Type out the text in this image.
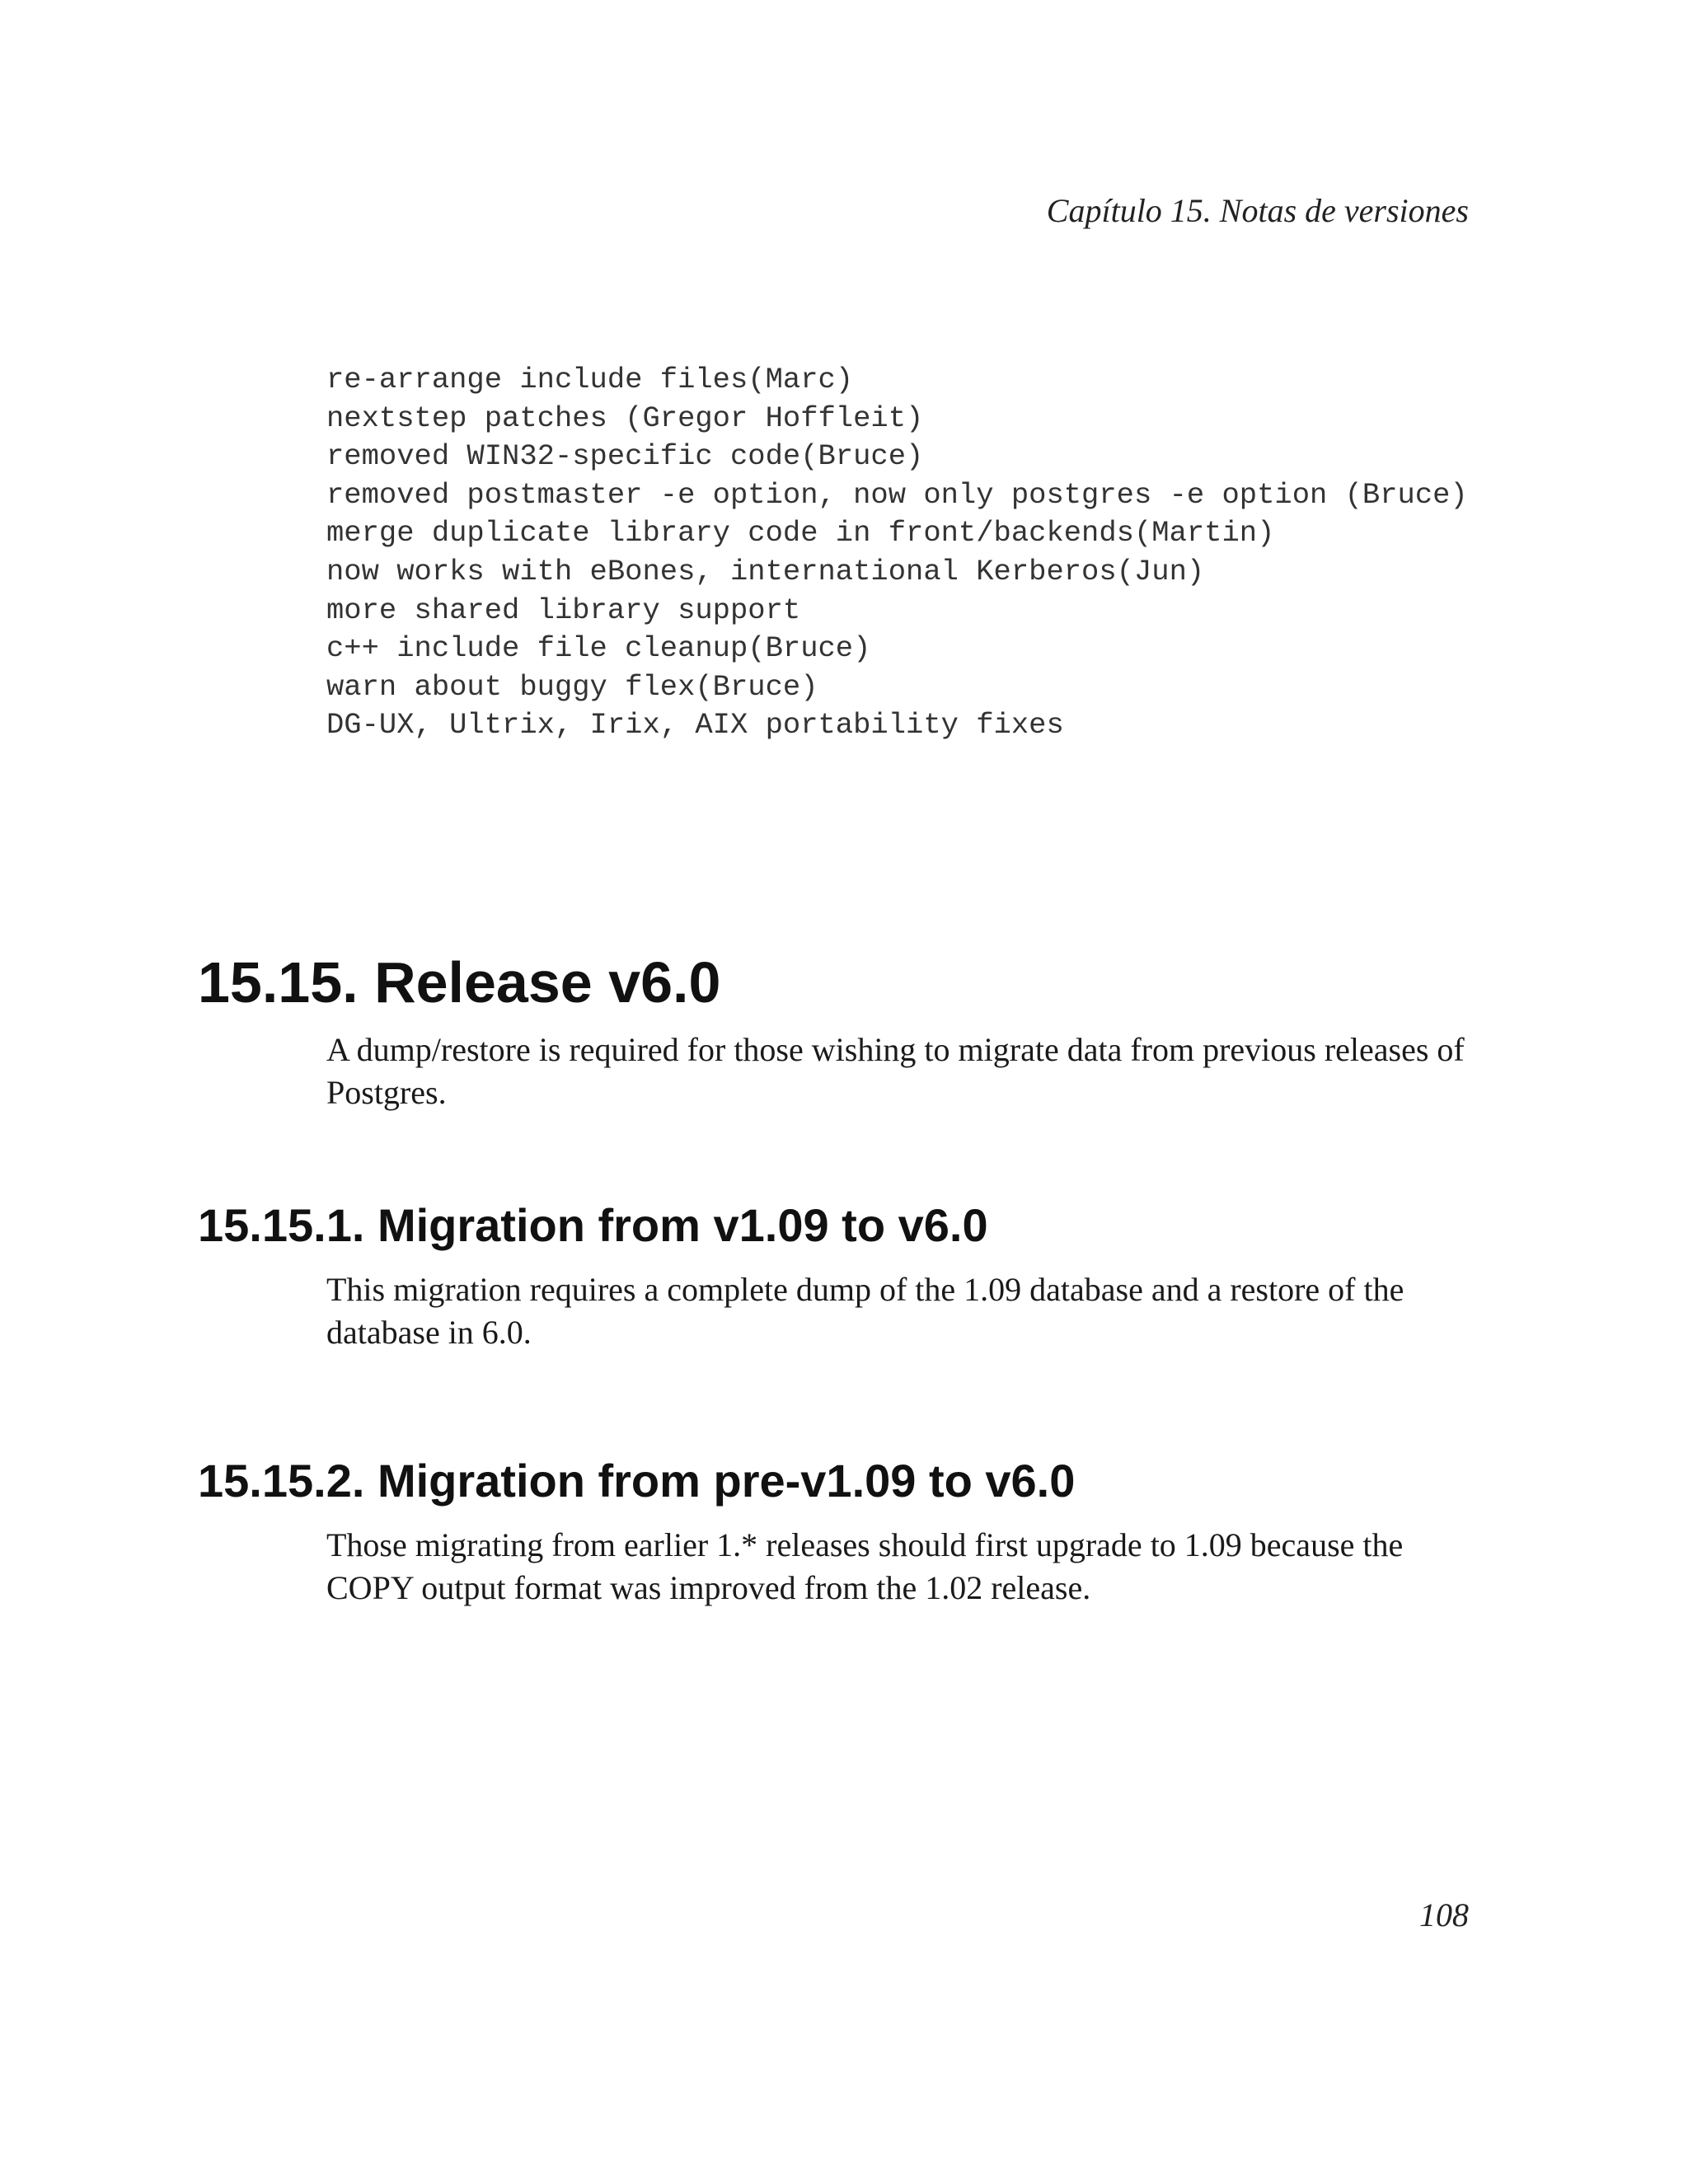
Capítulo 15. Notas de versiones
re-arrange include files(Marc)
nextstep patches (Gregor Hoffleit)
removed WIN32-specific code(Bruce)
removed postmaster -e option, now only postgres -e option (Bruce)
merge duplicate library code in front/backends(Martin)
now works with eBones, international Kerberos(Jun)
more shared library support
c++ include file cleanup(Bruce)
warn about buggy flex(Bruce)
DG-UX, Ultrix, Irix, AIX portability fixes
15.15. Release v6.0

A dump/restore is required for those wishing to migrate data from previous releases of Postgres.

15.15.1. Migration from v1.09 to v6.0

This migration requires a complete dump of the 1.09 database and a restore of the database in 6.0.

15.15.2. Migration from pre-v1.09 to v6.0

Those migrating from earlier 1.* releases should first upgrade to 1.09 because the COPY output format was improved from the 1.02 release.

108
